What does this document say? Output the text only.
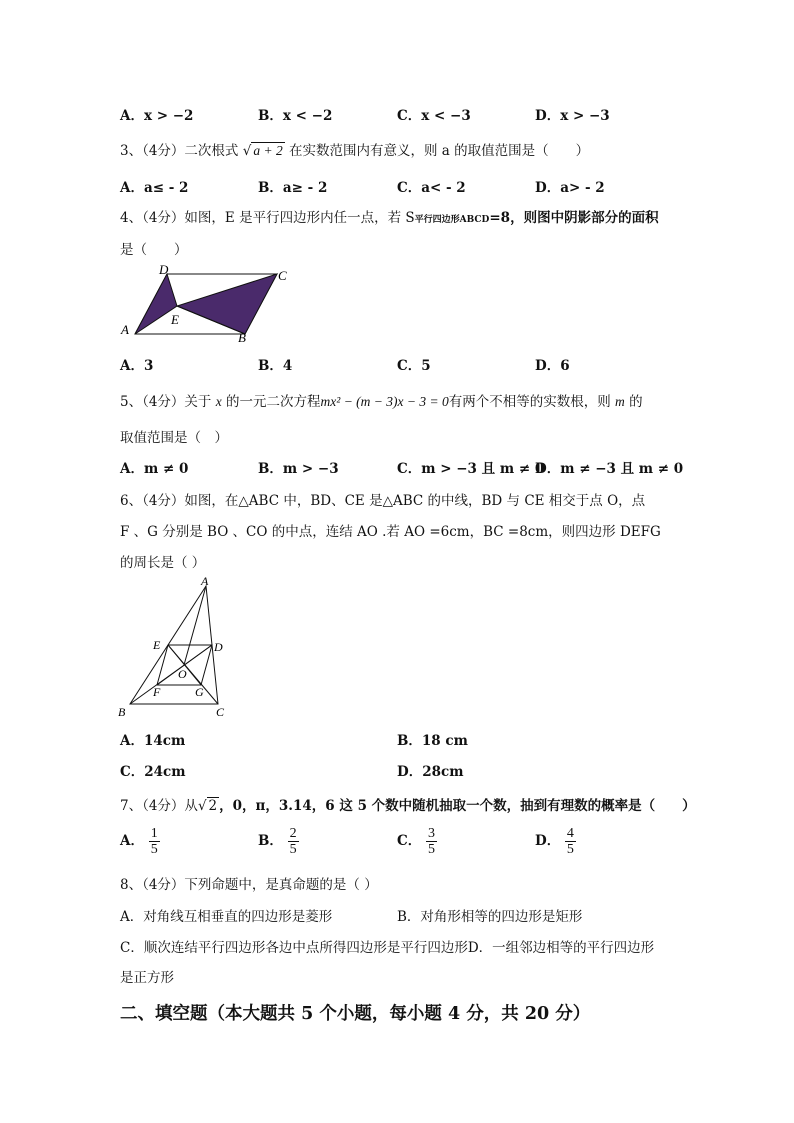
A．x > −2	B．x < −2	C．x < −3	D．x > −3
3、（4分）二次根式 √ a + 2 在实数范围内有意义，则 a 的取值范围是（　　）
A．a≤ - 2	B．a≥ - 2	C．a< - 2	D．a> - 2
4、（4分）如图，E 是平行四边形内任一点，若 S平行四边形ABCD=8，则图中阴影部分的面积
是（　　）
D	C
E
A
B
A．3	B．4	C．5	D．6
5、（4分）关于 x 的一元二次方程mx² − (m − 3)x − 3 = 0有两个不相等的实数根，则 m 的
取值范围是（　）
A．m ≠ 0	B．m > −3	C．m > −3 且 m ≠ 0
D．m ≠ −3 且 m ≠ 0
6、（4分）如图，在△ABC 中，BD、CE 是△ABC 的中线，BD 与 CE 相交于点 O，点
F 、G 分别是 BO 、CO 的中点，连结 AO .若 AO =6cm，BC =8cm，则四边形 DEFG
的周长是（ ）
A
E	D
O
F	G
B	C
A．14cm	B．18 cm
C．24cm	D．28cm
7、（4分）从√ 2 ，0，π，3.14，6 这 5 个数中随机抽取一个数，抽到有理数的概率是（　　）
A． $\frac{1}{5}$	B． $\frac{2}{5}$	C． $\frac{3}{5}$	D． $\frac{4}{5}$
8、（4分）下列命题中，是真命题的是（ ）
A．对角线互相垂直的四边形是菱形	B．对角形相等的四边形是矩形
C．顺次连结平行四边形各边中点所得四边形是平行四边形D．一组邻边相等的平行四边形
是正方形
二、填空题（本大题共 5 个小题，每小题 4 分，共 20 分）
